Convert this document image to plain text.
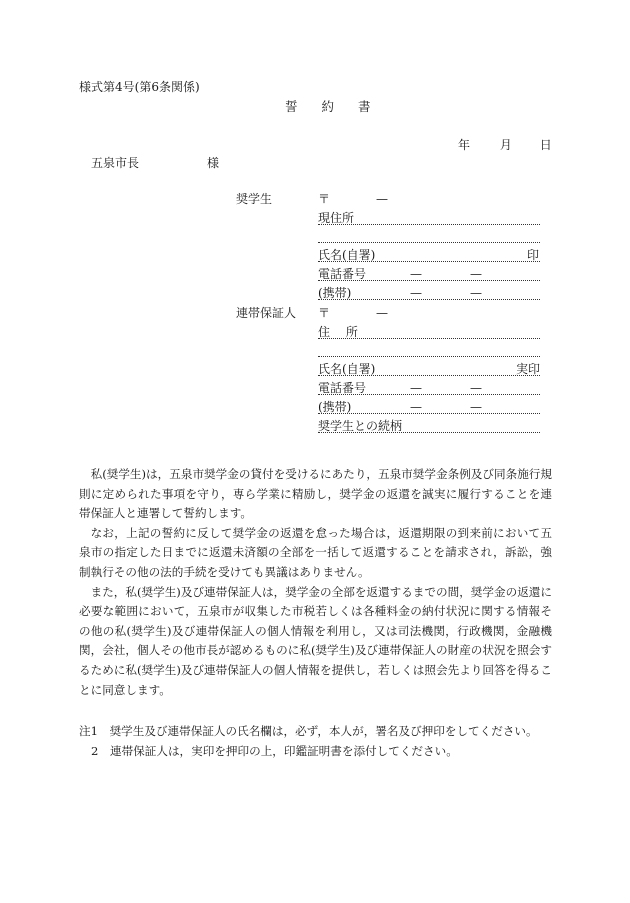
様式第4号(第6条関係)
誓 約 書
年 月 日
五泉市長	様
奨学生	〒	—
現住所
氏名(自署)	印
電話番号	—	—
(携帯)	—	—
連帯保証人 〒	—
住 所
氏名(自署)	実印
電話番号	—	—
(携帯)	—	—
奨学生との続柄

私(奨学生)は，五泉市奨学金の貸付を受けるにあたり，五泉市奨学金条例及び同条施行規則に定められた事項を守り，専ら学業に精励し，奨学金の返還を誠実に履行することを連帯保証人と連署して誓約します。

なお，上記の誓約に反して奨学金の返還を怠った場合は，返還期限の到来前において五泉市の指定した日までに返還未済額の全部を一括して返還することを請求され，訴訟，強制執行その他の法的手続を受けても異議はありません。

また，私(奨学生)及び連帯保証人は，奨学金の全部を返還するまでの間，奨学金の返還に必要な範囲において，五泉市が収集した市税若しくは各種料金の納付状況に関する情報その他の私(奨学生)及び連帯保証人の個人情報を利用し，又は司法機関，行政機関，金融機関，会社，個人その他市長が認めるものに私(奨学生)及び連帯保証人の財産の状況を照会するために私(奨学生)及び連帯保証人の個人情報を提供し，若しくは照会先より回答を得ることに同意します。

注1　奨学生及び連帯保証人の氏名欄は，必ず，本人が，署名及び押印をしてください。
2　連帯保証人は，実印を押印の上，印鑑証明書を添付してください。
